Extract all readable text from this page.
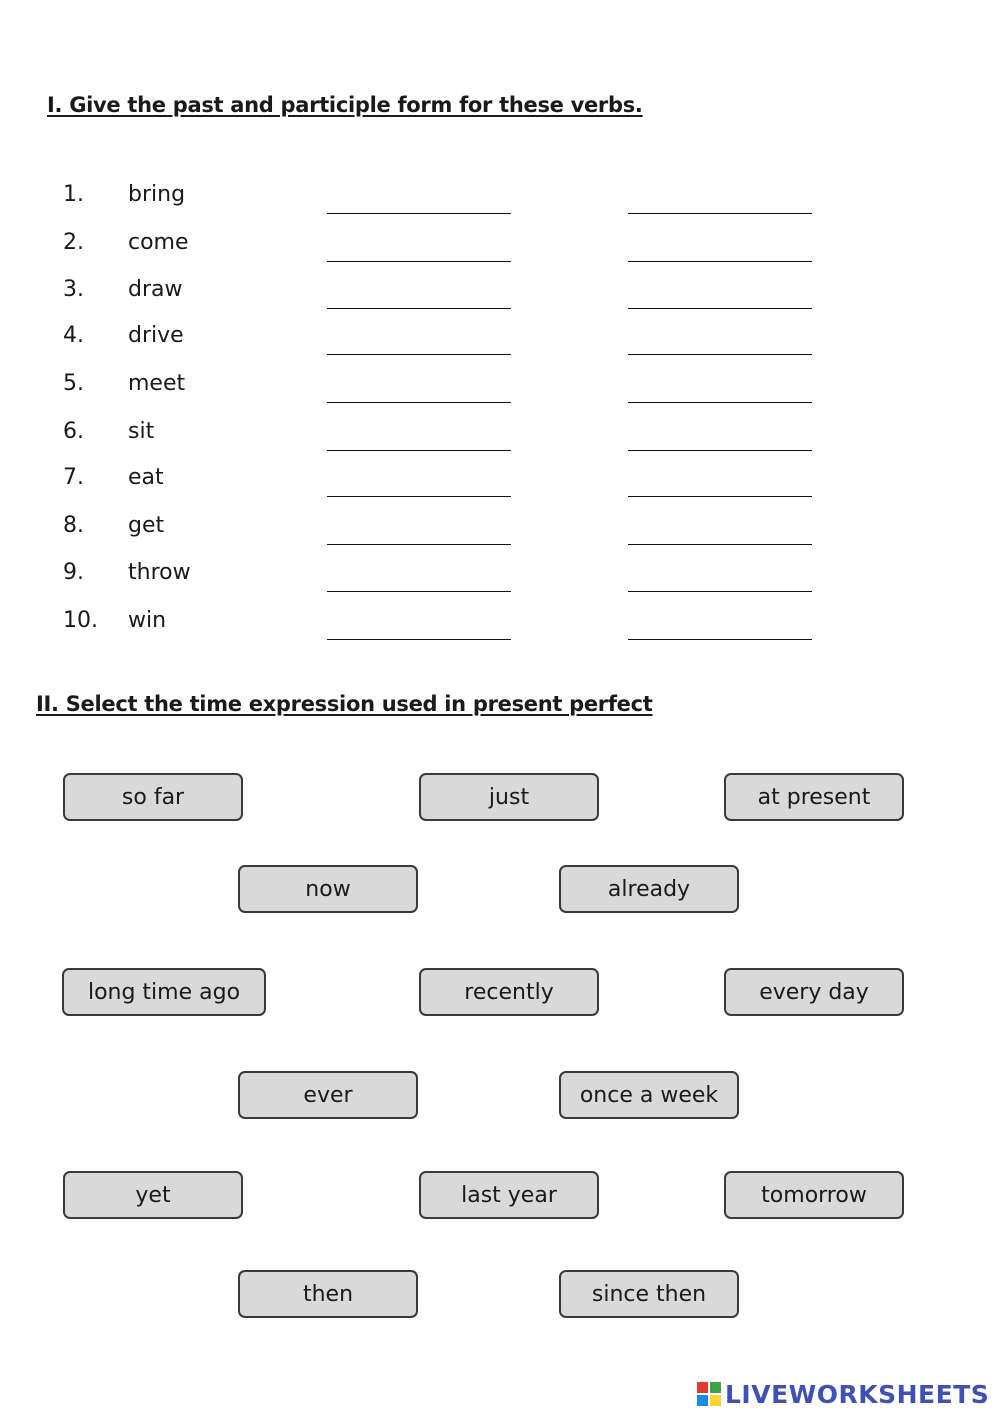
I. Give the past and participle form for these verbs.
1. bring
2. come
3. draw
4. drive
5. meet
6. sit
7. eat
8. get
9. throw
10. win
II. Select the time expression used in present perfect
so far	just	at present
now	already
long time ago	recently	every day
ever	once a week
yet	last year	tomorrow
then	since then
LIVEWORKSHEETS
